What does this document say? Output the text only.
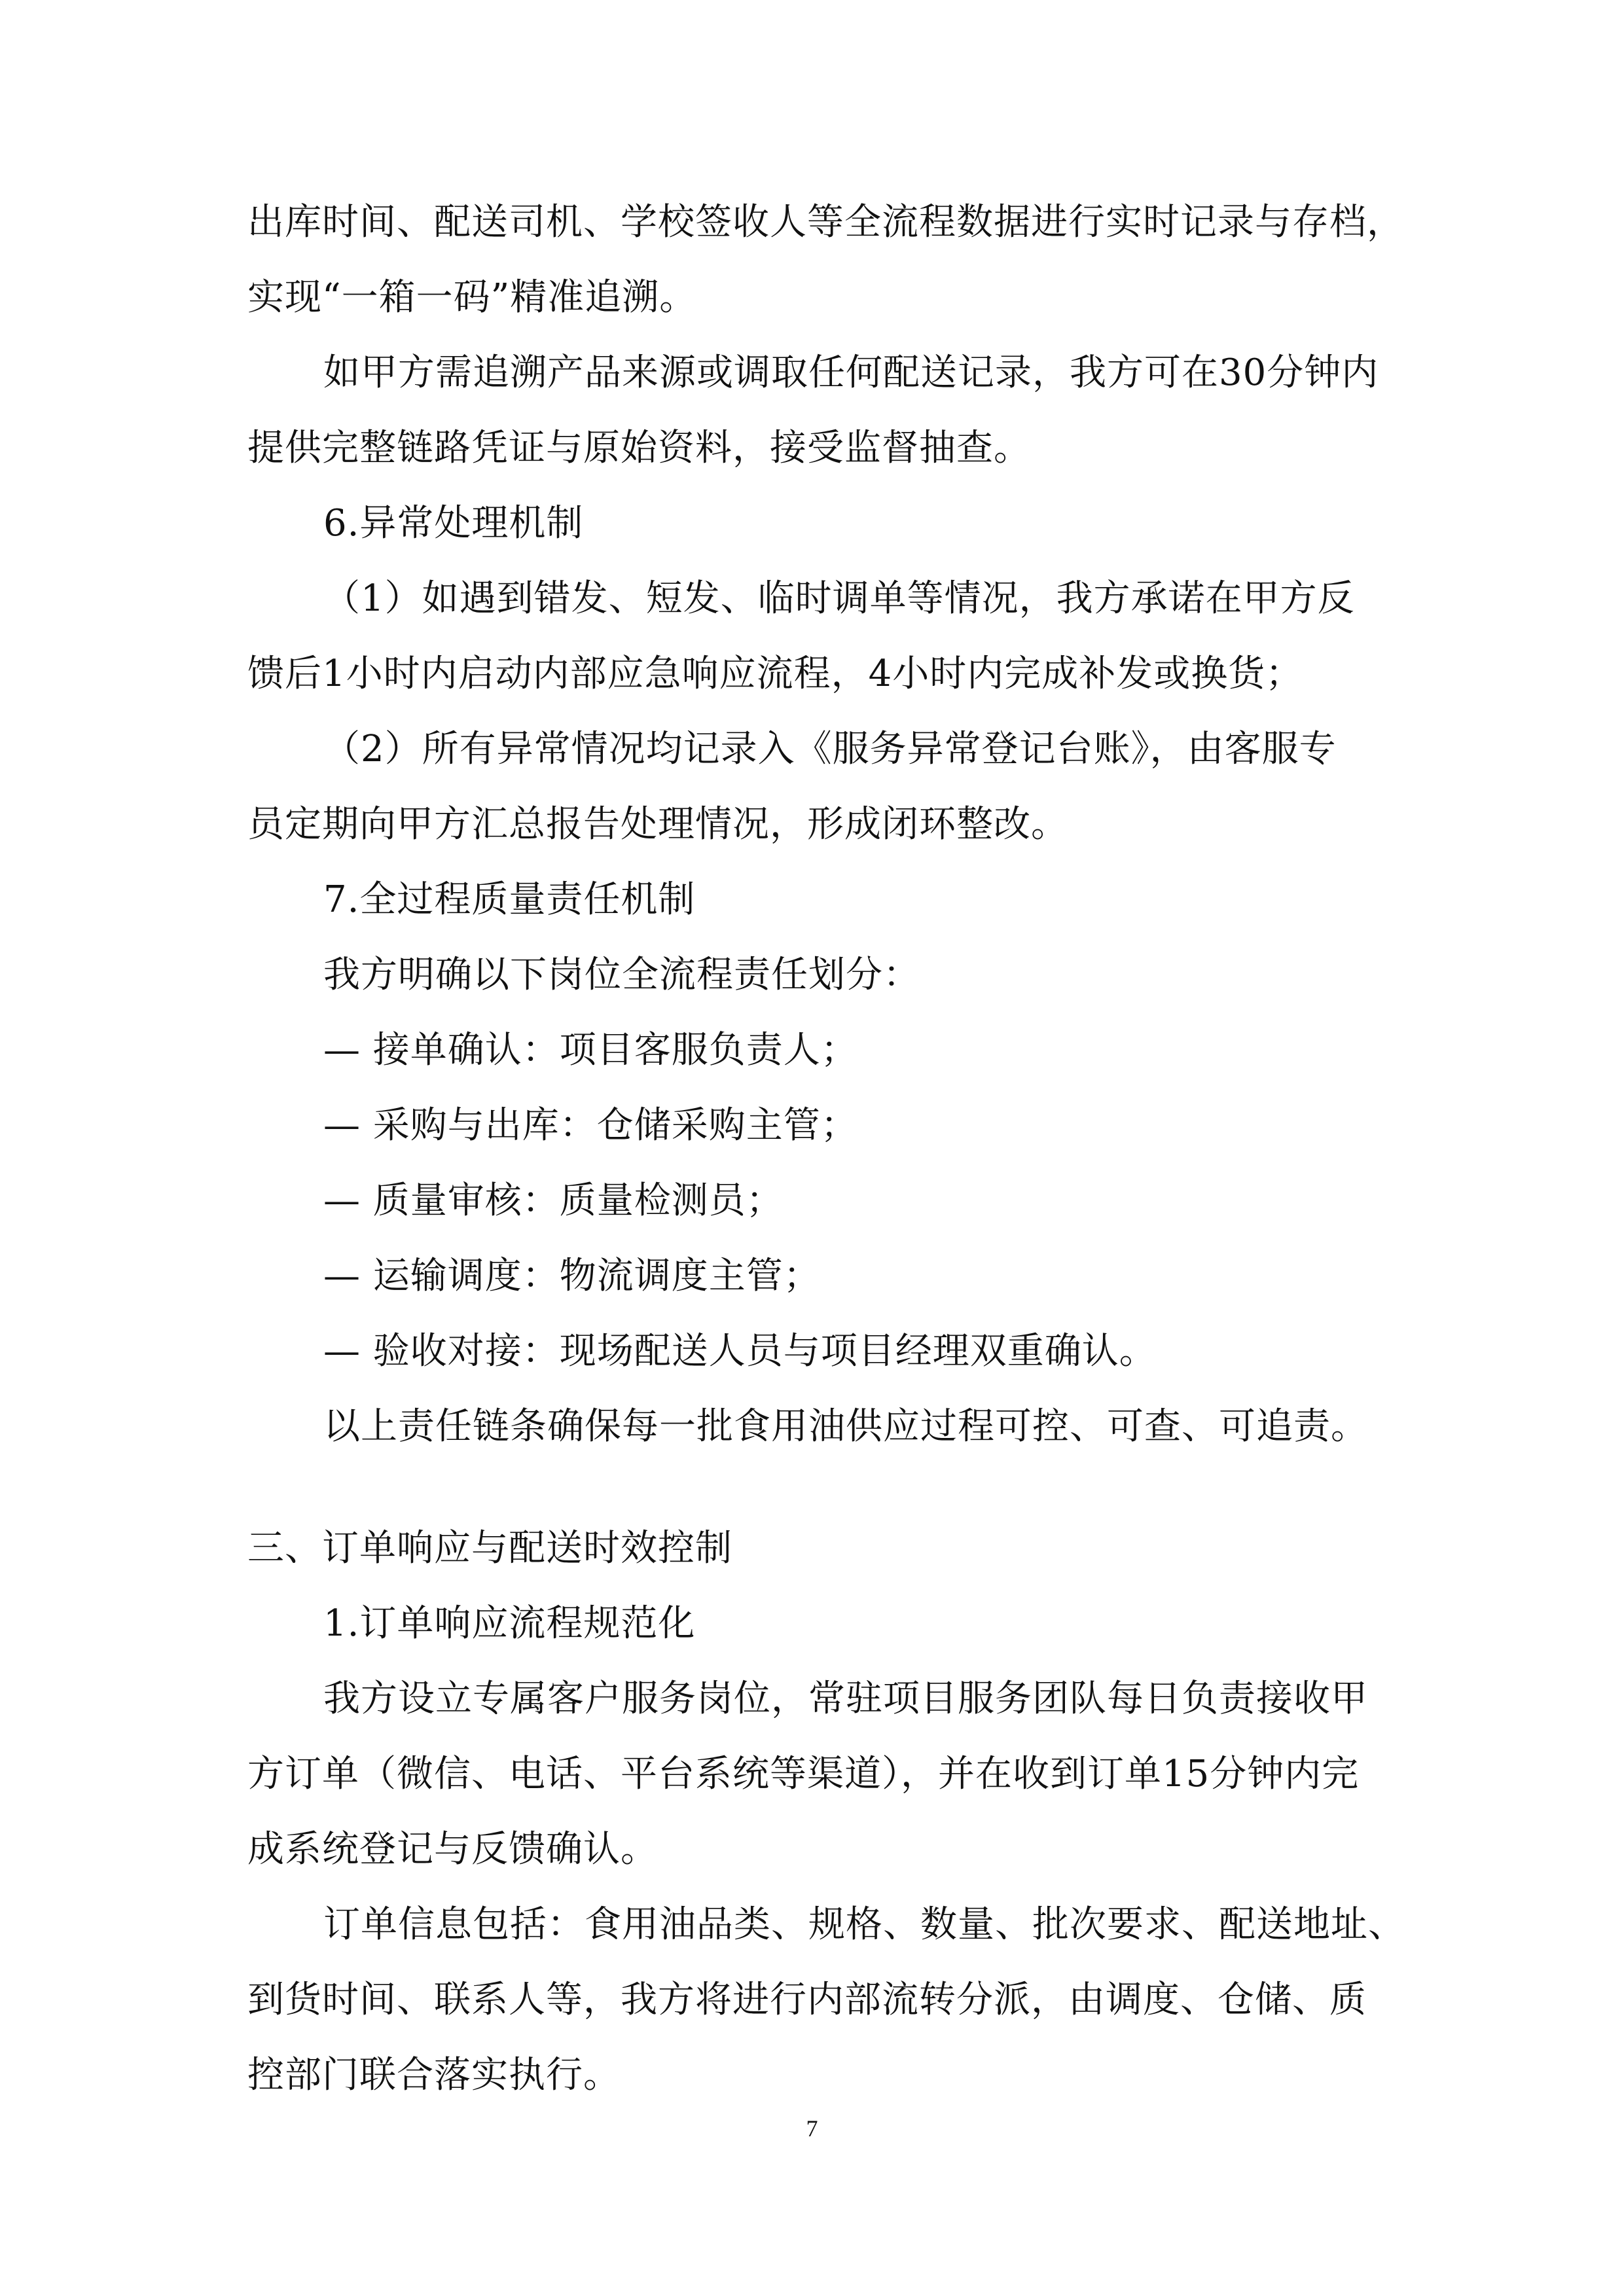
出库时间、配送司机、学校签收人等全流程数据进行实时记录与存档，
实现“一箱一码”精准追溯。
如甲方需追溯产品来源或调取任何配送记录，我方可在30分钟内
提供完整链路凭证与原始资料，接受监督抽查。
6.异常处理机制
（1）如遇到错发、短发、临时调单等情况，我方承诺在甲方反
馈后1小时内启动内部应急响应流程，4小时内完成补发或换货；
（2）所有异常情况均记录入《服务异常登记台账》，由客服专
员定期向甲方汇总报告处理情况，形成闭环整改。
7.全过程质量责任机制
我方明确以下岗位全流程责任划分：
— 接单确认：项目客服负责人；
— 采购与出库：仓储采购主管；
— 质量审核：质量检测员；
— 运输调度：物流调度主管；
— 验收对接：现场配送人员与项目经理双重确认。
以上责任链条确保每一批食用油供应过程可控、可查、可追责。
三、订单响应与配送时效控制
1.订单响应流程规范化
我方设立专属客户服务岗位，常驻项目服务团队每日负责接收甲
方订单（微信、电话、平台系统等渠道），并在收到订单15分钟内完
成系统登记与反馈确认。
订单信息包括：食用油品类、规格、数量、批次要求、配送地址、
到货时间、联系人等，我方将进行内部流转分派，由调度、仓储、质
控部门联合落实执行。
7
